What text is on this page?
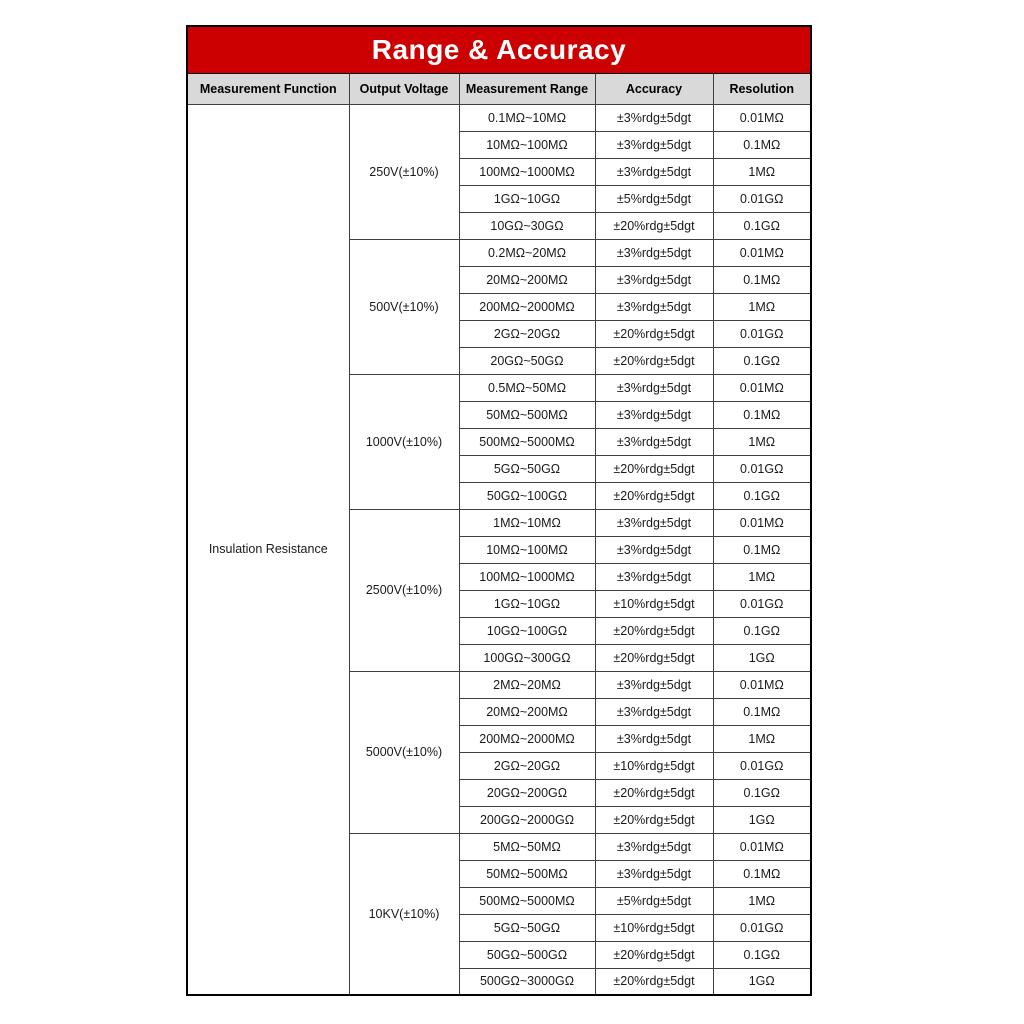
Range & Accuracy				
Measurement Function	Output Voltage	Measurement Range	Accuracy	Resolution
Insulation Resistance	250V(±10%)	0.1MΩ~10MΩ	±3%rdg±5dgt	0.01MΩ
		10MΩ~100MΩ	±3%rdg±5dgt	0.1MΩ
		100MΩ~1000MΩ	±3%rdg±5dgt	1MΩ
		1GΩ~10GΩ	±5%rdg±5dgt	0.01GΩ
		10GΩ~30GΩ	±20%rdg±5dgt	0.1GΩ
	500V(±10%)	0.2MΩ~20MΩ	±3%rdg±5dgt	0.01MΩ
		20MΩ~200MΩ	±3%rdg±5dgt	0.1MΩ
		200MΩ~2000MΩ	±3%rdg±5dgt	1MΩ
		2GΩ~20GΩ	±20%rdg±5dgt	0.01GΩ
		20GΩ~50GΩ	±20%rdg±5dgt	0.1GΩ
	1000V(±10%)	0.5MΩ~50MΩ	±3%rdg±5dgt	0.01MΩ
		50MΩ~500MΩ	±3%rdg±5dgt	0.1MΩ
		500MΩ~5000MΩ	±3%rdg±5dgt	1MΩ
		5GΩ~50GΩ	±20%rdg±5dgt	0.01GΩ
		50GΩ~100GΩ	±20%rdg±5dgt	0.1GΩ
	2500V(±10%)	1MΩ~10MΩ	±3%rdg±5dgt	0.01MΩ
		10MΩ~100MΩ	±3%rdg±5dgt	0.1MΩ
		100MΩ~1000MΩ	±3%rdg±5dgt	1MΩ
		1GΩ~10GΩ	±10%rdg±5dgt	0.01GΩ
		10GΩ~100GΩ	±20%rdg±5dgt	0.1GΩ
		100GΩ~300GΩ	±20%rdg±5dgt	1GΩ
	5000V(±10%)	2MΩ~20MΩ	±3%rdg±5dgt	0.01MΩ
		20MΩ~200MΩ	±3%rdg±5dgt	0.1MΩ
		200MΩ~2000MΩ	±3%rdg±5dgt	1MΩ
		2GΩ~20GΩ	±10%rdg±5dgt	0.01GΩ
		20GΩ~200GΩ	±20%rdg±5dgt	0.1GΩ
		200GΩ~2000GΩ	±20%rdg±5dgt	1GΩ
	10KV(±10%)	5MΩ~50MΩ	±3%rdg±5dgt	0.01MΩ
		50MΩ~500MΩ	±3%rdg±5dgt	0.1MΩ
		500MΩ~5000MΩ	±5%rdg±5dgt	1MΩ
		5GΩ~50GΩ	±10%rdg±5dgt	0.01GΩ
		50GΩ~500GΩ	±20%rdg±5dgt	0.1GΩ
		500GΩ~3000GΩ	±20%rdg±5dgt	1GΩ
